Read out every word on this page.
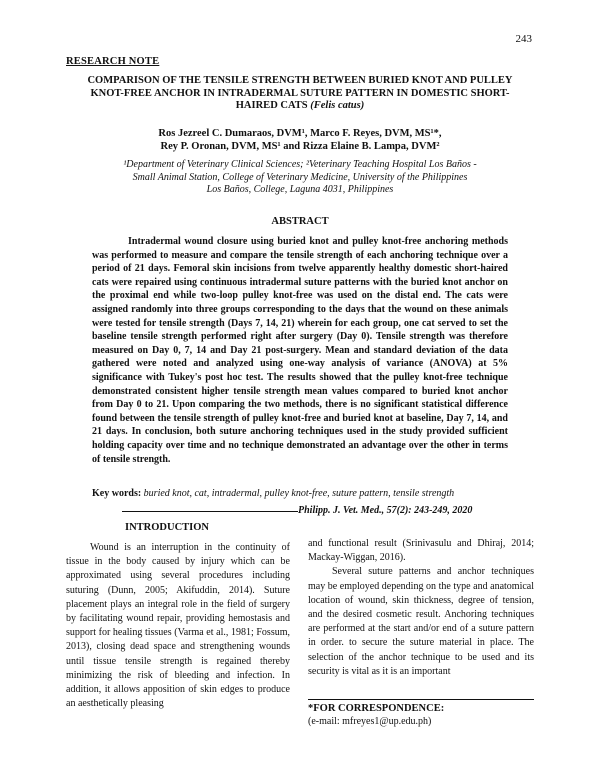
243
RESEARCH NOTE
COMPARISON OF THE TENSILE STRENGTH BETWEEN BURIED KNOT AND PULLEY KNOT-FREE ANCHOR IN INTRADERMAL SUTURE PATTERN IN DOMESTIC SHORT-HAIRED CATS (Felis catus)
Ros Jezreel C. Dumaraos, DVM¹, Marco F. Reyes, DVM, MS¹*,
Rey P. Oronan, DVM, MS¹ and Rizza Elaine B. Lampa, DVM²
¹Department of Veterinary Clinical Sciences; ²Veterinary Teaching Hospital Los Baños -
Small Animal Station, College of Veterinary Medicine, University of the Philippines
Los Baños, College, Laguna 4031, Philippines
ABSTRACT
Intradermal wound closure using buried knot and pulley knot-free anchoring methods was performed to measure and compare the tensile strength of each anchoring technique over a period of 21 days. Femoral skin incisions from twelve apparently healthy domestic short-haired cats were repaired using continuous intradermal suture patterns with the buried knot anchor on the proximal end while two-loop pulley knot-free was used on the distal end. The cats were assigned randomly into three groups corresponding to the days that the wound on these animals were tested for tensile strength (Days 7, 14, 21) wherein for each group, one cat served to set the baseline tensile strength performed right after surgery (Day 0). Tensile strength was therefore measured on Day 0, 7, 14 and Day 21 post-surgery. Mean and standard deviation of the data gathered were noted and analyzed using one-way analysis of variance (ANOVA) at 5% significance with Tukey's post hoc test. The results showed that the pulley knot-free technique demonstrated consistent higher tensile strength mean values compared to buried knot anchor from Day 0 to 21. Upon comparing the two methods, there is no significant statistical difference found between the tensile strength of pulley knot-free and buried knot at baseline, Day 7, 14, and 21 days. In conclusion, both suture anchoring techniques used in the study provided sufficient holding capacity over time and no technique demonstrated an advantage over the other in terms of tensile strength.
Key words: buried knot, cat, intradermal, pulley knot-free, suture pattern, tensile strength
Philipp. J. Vet. Med., 57(2): 243-249, 2020
INTRODUCTION
Wound is an interruption in the continuity of tissue in the body caused by injury which can be approximated using several procedures including suturing (Dunn, 2005; Akifuddin, 2014). Suture placement plays an integral role in the field of surgery by facilitating wound repair, providing hemostasis and support for healing tissues (Varma et al., 1981; Fossum, 2013), closing dead space and strengthening wounds until tissue tensile strength is regained thereby minimizing the risk of bleeding and infection. In addition, it allows apposition of skin edges to produce an aesthetically pleasing

and functional result (Srinivasulu and Dhiraj, 2014; Mackay-Wiggan, 2016).

Several suture patterns and anchor techniques may be employed depending on the type and anatomical location of wound, skin thickness, degree of tension, and the desired cosmetic result. Anchoring techniques are performed at the start and/or end of a suture pattern in order. to secure the suture material in place. The selection of the anchor technique to be used and its security is vital as it is an important

*FOR CORRESPONDENCE:
(e-mail: mfreyes1@up.edu.ph)
